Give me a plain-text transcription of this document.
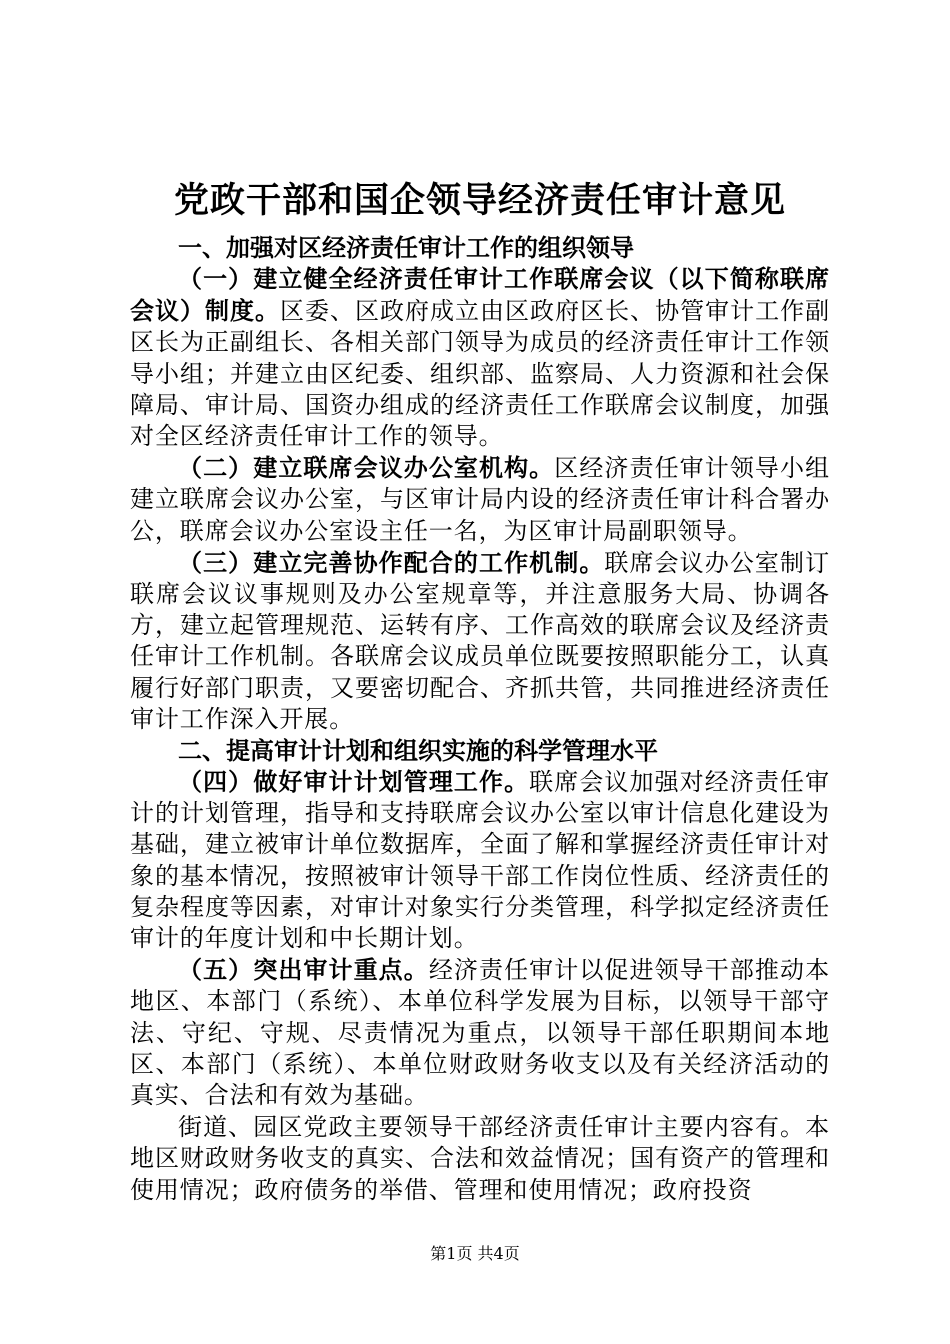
党政干部和国企领导经济责任审计意见

一、加强对区经济责任审计工作的组织领导

（一）建立健全经济责任审计工作联席会议（以下简称联席会议）制度。区委、区政府成立由区政府区长、协管审计工作副区长为正副组长、各相关部门领导为成员的经济责任审计工作领导小组；并建立由区纪委、组织部、监察局、人力资源和社会保障局、审计局、国资办组成的经济责任工作联席会议制度，加强对全区经济责任审计工作的领导。

（二）建立联席会议办公室机构。区经济责任审计领导小组建立联席会议办公室，与区审计局内设的经济责任审计科合署办公，联席会议办公室设主任一名，为区审计局副职领导。

（三）建立完善协作配合的工作机制。联席会议办公室制订联席会议议事规则及办公室规章等，并注意服务大局、协调各方，建立起管理规范、运转有序、工作高效的联席会议及经济责任审计工作机制。各联席会议成员单位既要按照职能分工，认真履行好部门职责，又要密切配合、齐抓共管，共同推进经济责任审计工作深入开展。

二、提高审计计划和组织实施的科学管理水平

（四）做好审计计划管理工作。联席会议加强对经济责任审计的计划管理，指导和支持联席会议办公室以审计信息化建设为基础，建立被审计单位数据库，全面了解和掌握经济责任审计对象的基本情况，按照被审计领导干部工作岗位性质、经济责任的复杂程度等因素，对审计对象实行分类管理，科学拟定经济责任审计的年度计划和中长期计划。

（五）突出审计重点。经济责任审计以促进领导干部推动本地区、本部门（系统）、本单位科学发展为目标，以领导干部守法、守纪、守规、尽责情况为重点，以领导干部任职期间本地区、本部门（系统）、本单位财政财务收支以及有关经济活动的真实、合法和有效为基础。

街道、园区党政主要领导干部经济责任审计主要内容有。本地区财政财务收支的真实、合法和效益情况；国有资产的管理和使用情况；政府债务的举借、管理和使用情况；政府投资

第1页 共4页
